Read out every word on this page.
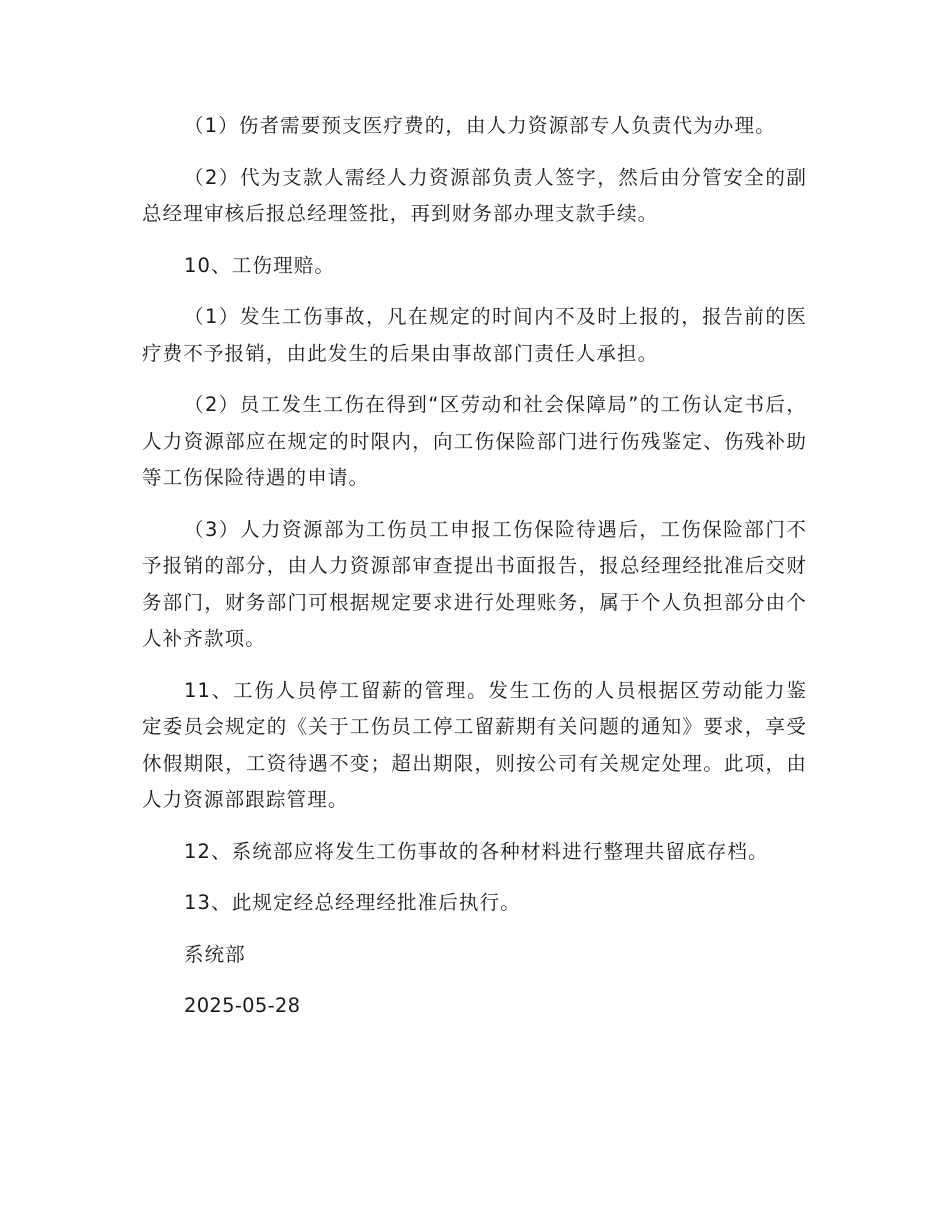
（1）伤者需要预支医疗费的，由人力资源部专人负责代为办理。

（2）代为支款人需经人力资源部负责人签字，然后由分管安全的副总经理审核后报总经理签批，再到财务部办理支款手续。

10、工伤理赔。

（1）发生工伤事故，凡在规定的时间内不及时上报的，报告前的医疗费不予报销，由此发生的后果由事故部门责任人承担。

（2）员工发生工伤在得到“区劳动和社会保障局”的工伤认定书后，人力资源部应在规定的时限内，向工伤保险部门进行伤残鉴定、伤残补助等工伤保险待遇的申请。

（3）人力资源部为工伤员工申报工伤保险待遇后，工伤保险部门不予报销的部分，由人力资源部审查提出书面报告，报总经理经批准后交财务部门，财务部门可根据规定要求进行处理账务，属于个人负担部分由个人补齐款项。

11、工伤人员停工留薪的管理。发生工伤的人员根据区劳动能力鉴定委员会规定的《关于工伤员工停工留薪期有关问题的通知》要求，享受休假期限，工资待遇不变；超出期限，则按公司有关规定处理。此项，由人力资源部跟踪管理。

12、系统部应将发生工伤事故的各种材料进行整理共留底存档。

13、此规定经总经理经批准后执行。

系统部

2025-05-28
